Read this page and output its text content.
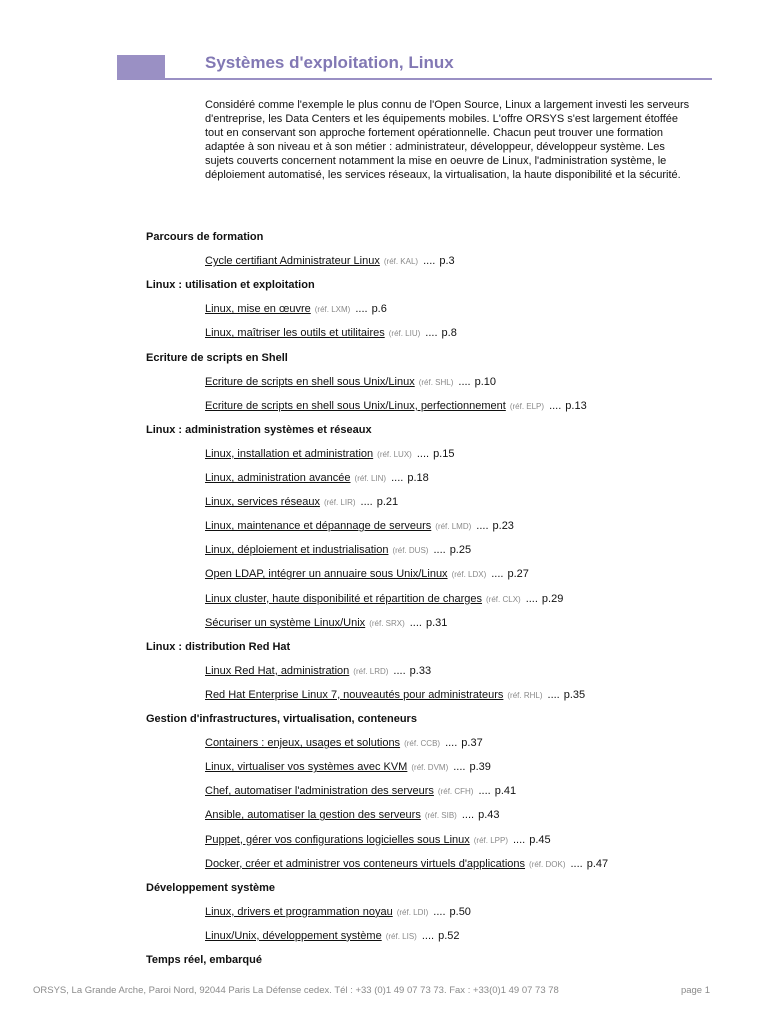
Systèmes d'exploitation, Linux

Considéré comme l'exemple le plus connu de l'Open Source, Linux a largement investi les serveurs d'entreprise, les Data Centers et les équipements mobiles. L'offre ORSYS s'est largement étoffée tout en conservant son approche fortement opérationnelle. Chacun peut trouver une formation adaptée à son niveau et à son métier : administrateur, développeur, développeur système. Les sujets couverts concernent notamment la mise en oeuvre de Linux, l'administration système, le déploiement automatisé, les services réseaux, la virtualisation, la haute disponibilité et la sécurité.

Parcours de formation
Cycle certifiant Administrateur Linux (réf. KAL) .... p.3
Linux : utilisation et exploitation
Linux, mise en œuvre (réf. LXM) .... p.6
Linux, maîtriser les outils et utilitaires (réf. LIU) .... p.8
Ecriture de scripts en Shell
Ecriture de scripts en shell sous Unix/Linux (réf. SHL) .... p.10
Ecriture de scripts en shell sous Unix/Linux, perfectionnement (réf. ELP) .... p.13
Linux : administration systèmes et réseaux
Linux, installation et administration (réf. LUX) .... p.15
Linux, administration avancée (réf. LIN) .... p.18
Linux, services réseaux (réf. LIR) .... p.21
Linux, maintenance et dépannage de serveurs (réf. LMD) .... p.23
Linux, déploiement et industrialisation (réf. DUS) .... p.25
Open LDAP, intégrer un annuaire sous Unix/Linux (réf. LDX) .... p.27
Linux cluster, haute disponibilité et répartition de charges (réf. CLX) .... p.29
Sécuriser un système Linux/Unix (réf. SRX) .... p.31
Linux : distribution Red Hat
Linux Red Hat, administration (réf. LRD) .... p.33
Red Hat Enterprise Linux 7, nouveautés pour administrateurs (réf. RHL) .... p.35
Gestion d'infrastructures, virtualisation, conteneurs
Containers : enjeux, usages et solutions (réf. CCB) .... p.37
Linux, virtualiser vos systèmes avec KVM (réf. DVM) .... p.39
Chef, automatiser l'administration des serveurs (réf. CFH) .... p.41
Ansible, automatiser la gestion des serveurs (réf. SIB) .... p.43
Puppet, gérer vos configurations logicielles sous Linux (réf. LPP) .... p.45
Docker, créer et administrer vos conteneurs virtuels d'applications (réf. DOK) .... p.47
Développement système
Linux, drivers et programmation noyau (réf. LDI) .... p.50
Linux/Unix, développement système (réf. LIS) .... p.52
Temps réel, embarqué
ORSYS, La Grande Arche, Paroi Nord, 92044 Paris La Défense cedex. Tél : +33 (0)1 49 07 73 73. Fax : +33(0)1 49 07 73 78	page 1
